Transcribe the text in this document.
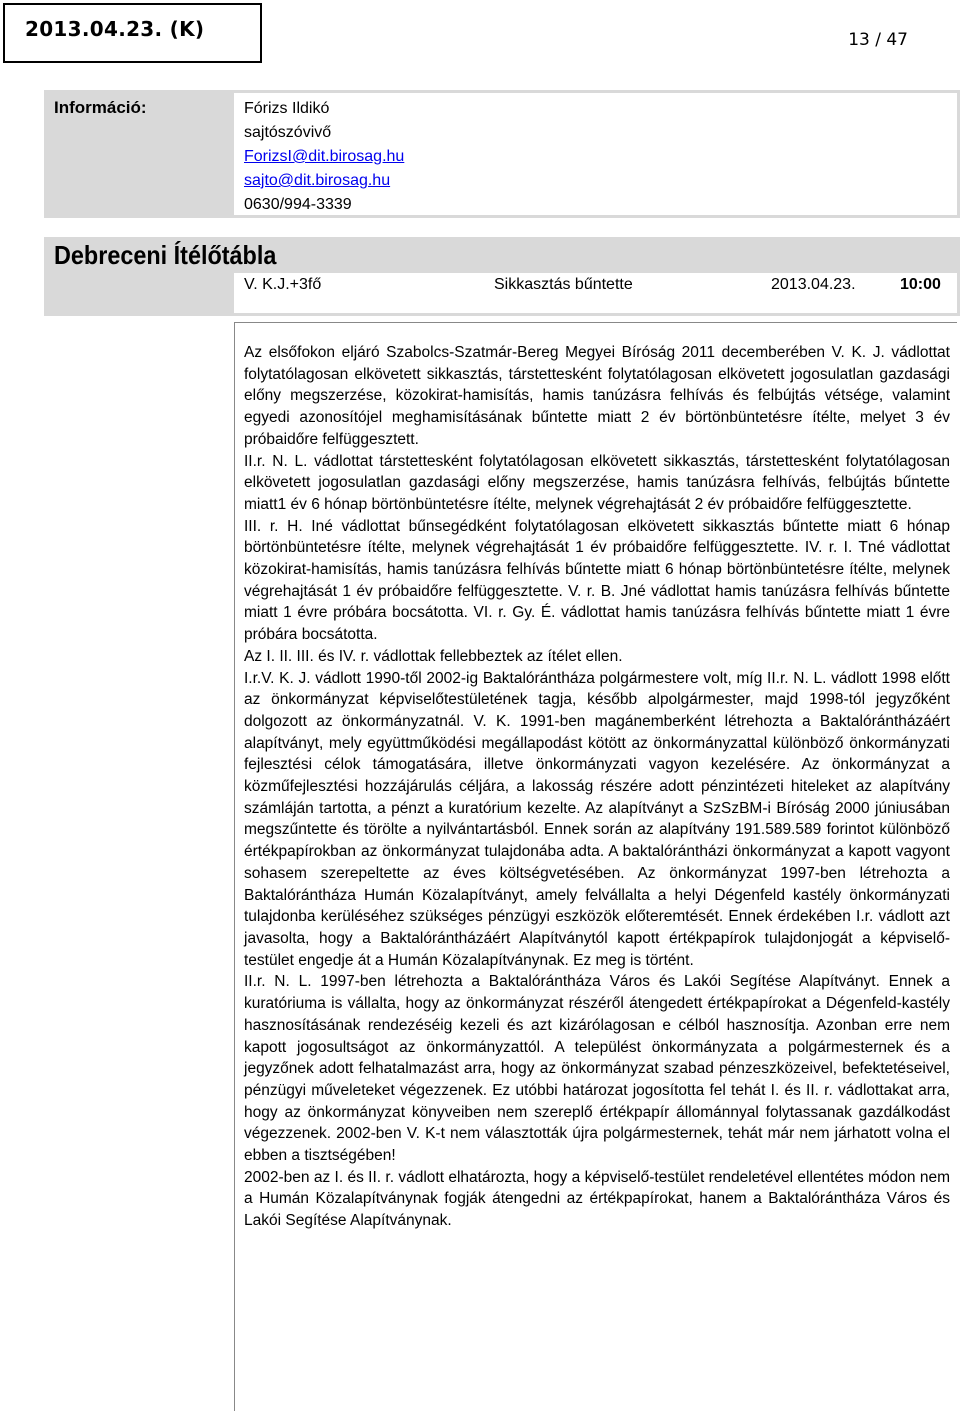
2013.04.23. (K)	13 / 47
Információ:	Fórizs Ildikó
sajtószóvivő
ForizsI@dit.birosag.hu
sajto@dit.birosag.hu
0630/994-3339
Debreceni Ítélőtábla
V. K.J.+3fő	Sikkasztás bűntette	2013.04.23.	10:00

Az elsőfokon eljáró Szabolcs-Szatmár-Bereg Megyei Bíróság 2011 decemberében V. K. J. vádlottat folytatólagosan elkövetett sikkasztás, társtettesként folytatólagosan elkövetett jogosulatlan gazdasági előny megszerzése, közokirat-hamisítás, hamis tanúzásra felhívás és felbújtás vétsége, valamint egyedi azonosítójel meghamisításának bűntette miatt 2 év börtönbüntetésre ítélte, melyet 3 év próbaidőre felfüggesztett.

II.r. N. L. vádlottat társtettesként folytatólagosan elkövetett sikkasztás, társtettesként folytatólagosan elkövetett jogosulatlan gazdasági előny megszerzése, hamis tanúzásra felhívás, felbújtás bűntette miatt1 év 6 hónap börtönbüntetésre ítélte, melynek végrehajtását 2 év próbaidőre felfüggesztette.

III. r. H. Iné vádlottat bűnsegédként folytatólagosan elkövetett sikkasztás bűntette miatt 6 hónap börtönbüntetésre ítélte, melynek végrehajtását 1 év próbaidőre felfüggesztette. IV. r. I. Tné vádlottat közokirat-hamisítás, hamis tanúzásra felhívás bűntette miatt 6 hónap börtönbüntetésre ítélte, melynek végrehajtását 1 év próbaidőre felfüggesztette. V. r. B. Jné vádlottat hamis tanúzásra felhívás bűntette miatt 1 évre próbára bocsátotta. VI. r. Gy. É. vádlottat hamis tanúzásra felhívás bűntette miatt 1 évre próbára bocsátotta.

Az I. II. III. és IV. r. vádlottak fellebbeztek az ítélet ellen.

I.r.V. K. J. vádlott 1990-től 2002-ig Baktalórántháza polgármestere volt, míg II.r. N. L. vádlott 1998 előtt az önkormányzat képviselőtestületének tagja, később alpolgármester, majd 1998-tól jegyzőként dolgozott az önkormányzatnál. V. K. 1991-ben magánemberként létrehozta a Baktalórántházáért alapítványt, mely együttműködési megállapodást kötött az önkormányzattal különböző önkormányzati fejlesztési célok támogatására, illetve önkormányzati vagyon kezelésére. Az önkormányzat a közműfejlesztési hozzájárulás céljára, a lakosság részére adott pénzintézeti hiteleket az alapítvány számláján tartotta, a pénzt a kuratórium kezelte. Az alapítványt a SzSzBM-i Bíróság 2000 júniusában megszűntette és törölte a nyilvántartásból. Ennek során az alapítvány 191.589.589 forintot különböző értékpapírokban az önkormányzat tulajdonába adta. A baktalórántházi önkormányzat a kapott vagyont sohasem szerepeltette az éves költségvetésében. Az önkormányzat 1997-ben létrehozta a Baktalórántháza Humán Közalapítványt, amely felvállalta a helyi Dégenfeld kastély önkormányzati tulajdonba kerüléséhez szükséges pénzügyi eszközök előteremtését. Ennek érdekében I.r. vádlott azt javasolta, hogy a Baktalórántházáért Alapítványtól kapott értékpapírok tulajdonjogát a képviselő-testület engedje át a Humán Közalapítványnak. Ez meg is történt.

II.r. N. L. 1997-ben létrehozta a Baktalórántháza Város és Lakói Segítése Alapítványt. Ennek a kuratóriuma is vállalta, hogy az önkormányzat részéről átengedett értékpapírokat a Dégenfeld-kastély hasznosításának rendezéséig kezeli és azt kizárólagosan e célból hasznosítja. Azonban erre nem kapott jogosultságot az önkormányzattól. A települést önkormányzata a polgármesternek és a jegyzőnek adott felhatalmazást arra, hogy az önkormányzat szabad pénzeszközeivel, befektetéseivel, pénzügyi műveleteket végezzenek. Ez utóbbi határozat jogosította fel tehát I. és II. r. vádlottakat arra, hogy az önkormányzat könyveiben nem szereplő értékpapír állománnyal folytassanak gazdálkodást végezzenek. 2002-ben V. K-t nem választották újra polgármesternek, tehát már nem járhatott volna el ebben a tisztségében!

2002-ben az I. és II. r. vádlott elhatározta, hogy a képviselő-testület rendeletével ellentétes módon nem a Humán Közalapítványnak fogják átengedni az értékpapírokat, hanem a Baktalórántháza Város és Lakói Segítése Alapítványnak.
